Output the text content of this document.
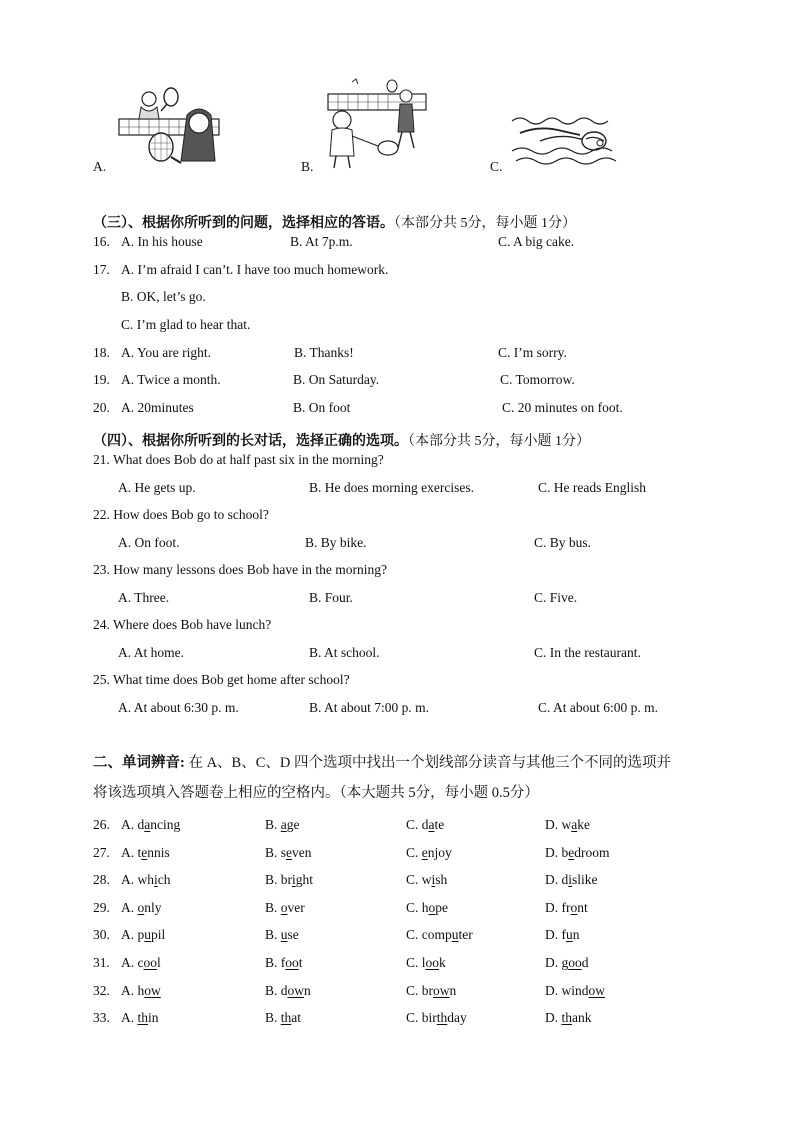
A.	B.	C.
（三）、根据你所听到的问题，选择相应的答语。（本部分共 5分，每小题 1分）
16. A. In his house	B. At 7p.m.	C. A big cake.
17. A. I’m afraid I can’t. I have too much homework.
B. OK, let’s go.
C. I’m glad to hear that.
18. A. You are right.	B. Thanks!	C. I’m sorry.
19. A. Twice a month.	B. On Saturday.	C. Tomorrow.
20. A. 20minutes	B. On foot	C. 20 minutes on foot.
（四）、根据你所听到的长对话，选择正确的选项。（本部分共 5分，每小题 1分）
21. What does Bob do at half past six in the morning?
A. He gets up.	B. He does morning exercises.	C. He reads English
22. How does Bob go to school?
A. On foot.	B. By bike.	C. By bus.
23. How many lessons does Bob have in the morning?
A. Three.	B. Four.	C. Five.
24. Where does Bob have lunch?
A. At home.	B. At school.	C. In the restaurant.
25. What time does Bob get home after school?
A. At about 6:30 p. m.	B. At about 7:00 p. m.	C. At about 6:00 p. m.
二、单词辨音: 在 A、B、C、D 四个选项中找出一个划线部分读音与其他三个不同的选项并
将该选项填入答题卷上相应的空格内。（本大题共 5分，每小题 0.5分）
26. A. dancing	B. age	C. date	D. wake
27. A. tennis	B. seven	C. enjoy	D. bedroom
28. A. which	B. bright	C. wish	D. dislike
29. A. only	B. over	C. hope	D. front
30. A. pupil	B. use	C. computer	D. fun
31. A. cool	B. foot	C. look	D. good
32. A. how	B. down	C. brown	D. window
33. A. thin	B. that	C. birthday	D. thank
